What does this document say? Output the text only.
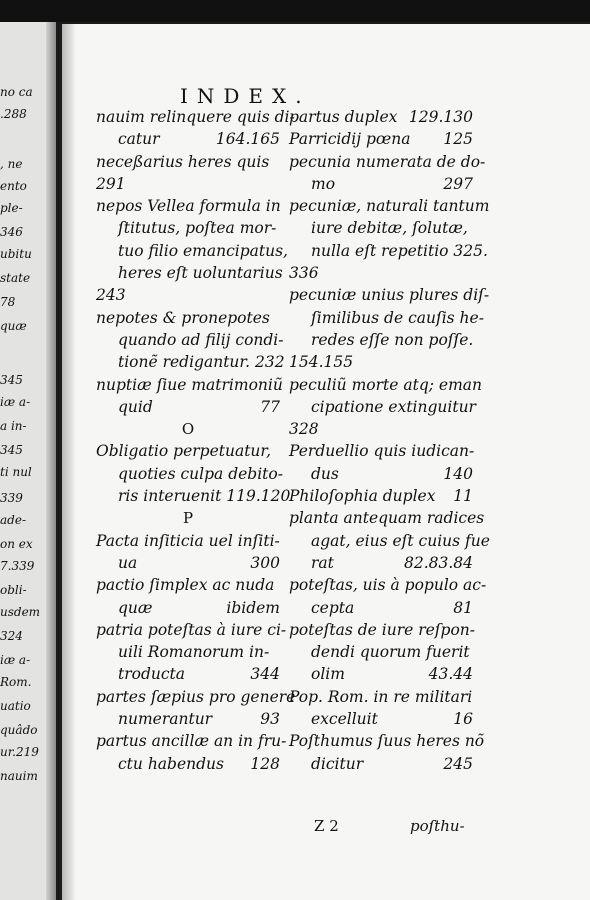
no ca
.288
, ne
ento
ple-
346
ubitu
state
78
quæ
345
iæ a-
a in-
345
ti nul
339
ade-
on ex
7.339
obli-
usdem
324
iæ a-
Rom.
uatio
quâdo
ur.219
nauim
INDEX.
nauim relinquere quis di-
catur	164.165
neceßarius heres quis
291
nepos Vellea formula in
ſtitutus, poſtea mor-
tuo filio emancipatus,
heres eſt uoluntarius
243
nepotes & pronepotes
quando ad filij condi-
tionẽ redigantur. 232
nuptiæ ſiue matrimoniũ
quid	77
O
Obligatio perpetuatur,
quoties culpa debito-
ris interuenit 119.120
P
Pacta inſiticia uel inſiti-
ua	300
pactio ſimplex ac nuda
quæ	ibidem
patria poteſtas à iure ci-
uili Romanorum in-
troducta	344
partes ſæpius pro genere
numerantur	93
partus ancillæ an in fru-
ctu habendus 128
partus duplex 129.130
Parricidij pœna 125
pecunia numerata de do-
mo	297
pecuniæ, naturali tantum
iure debitæ, ſolutæ,
nulla eſt repetitio 325.
336
pecuniæ unius plures diſ-
ſimilibus de cauſis he-
redes eſſe non poſſe.
154.155
peculiũ morte atq; eman
cipatione extinguitur
328
Perduellio quis iudican-
dus	140
Philoſophia duplex 11
planta antequam radices
agat, eius eſt cuius fue
rat	82.83.84
poteſtas, uis à populo ac-
cepta	81
poteſtas de iure reſpon-
dendi quorum fuerit
olim	43.44
Pop. Rom. in re militari
excelluit	16
Poſthumus ſuus heres nõ
dicitur	245
Z 2	poſthu-
